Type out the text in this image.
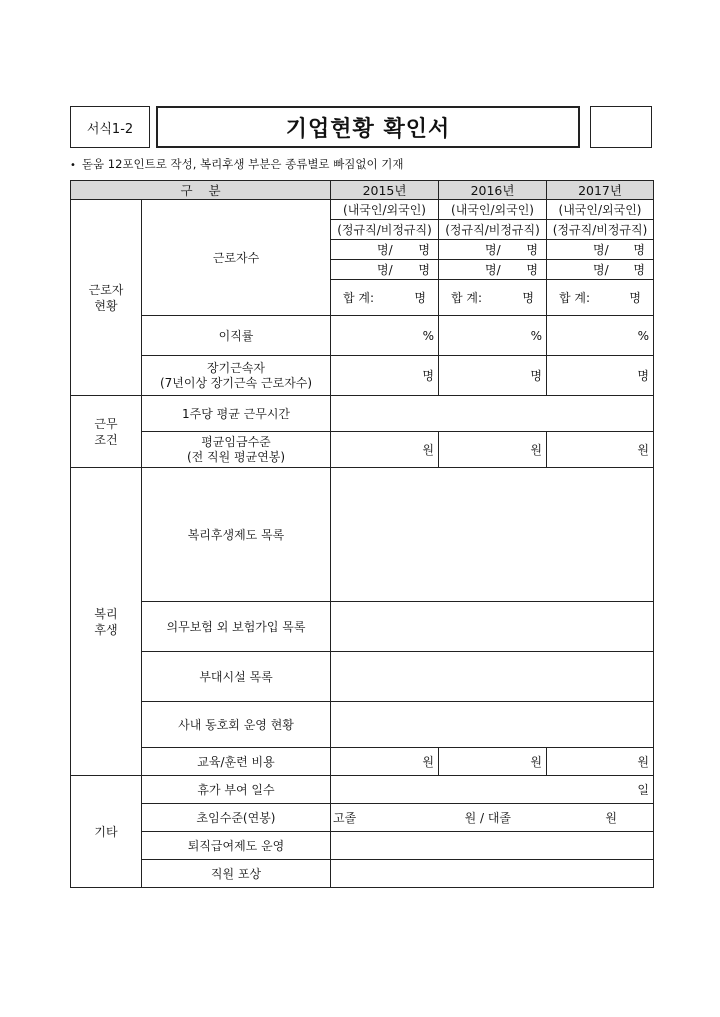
서식1-2	기업현황 확인서
• 돋움 12포인트로 작성, 복리후생 부분은 종류별로 빠짐없이 기재
구    분		2015년	2016년	2017년
근로자
현황	근로자수	(내국인/외국인)	(내국인/외국인)	(내국인/외국인)
		(정규직/비정규직)	(정규직/비정규직)	(정규직/비정규직)

		명/ 명	명/ 명	명/ 명

		명/ 명	명/ 명	명/ 명

		합 계: 명	합 계: 명	합 계: 명

	이직률	%	%	%
	장기근속자
(7년이상 장기근속 근로자수)	명	명	명
근무
조건	1주당 평균 근무시간			
	평균임금수준
(전 직원 평균연봉)	원	원	원
복리
후생	복리후생제도 목록			
	의무보험 외 보험가입 목록			
	부대시설 목록			
	사내 동호회 운영 현황			
	교육/훈련 비용	원	원	원
기타	휴가 부여 일수	일		
	초임수준(연봉)	고졸 원 / 대졸 원		

	퇴직급여제도 운영			
	직원 포상			
